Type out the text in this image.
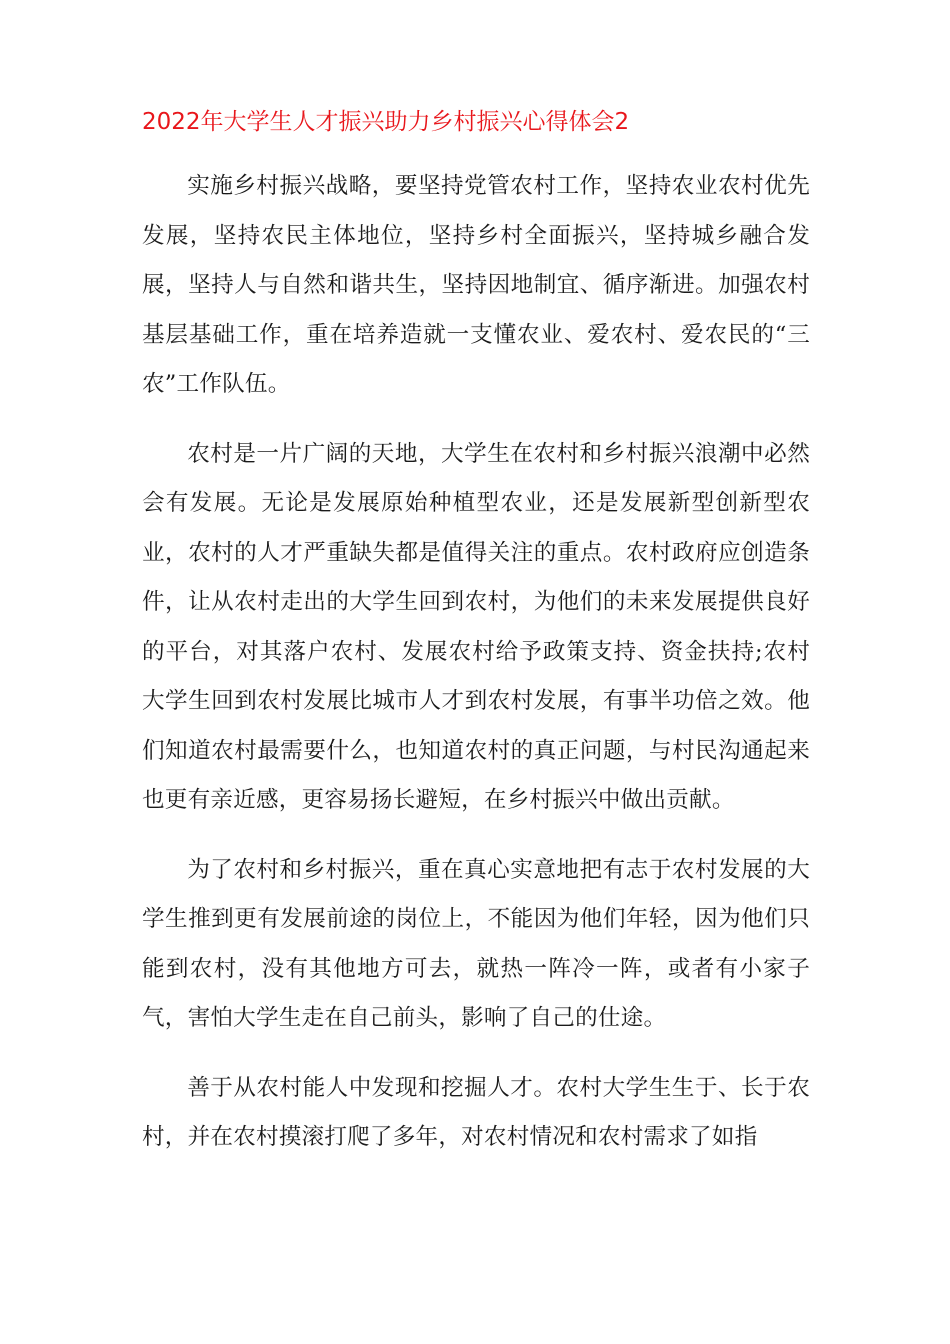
2022年大学生人才振兴助力乡村振兴心得体会2

实施乡村振兴战略，要坚持党管农村工作，坚持农业农村优先发展，坚持农民主体地位，坚持乡村全面振兴，坚持城乡融合发展，坚持人与自然和谐共生，坚持因地制宜、循序渐进。加强农村基层基础工作，重在培养造就一支懂农业、爱农村、爱农民的“三农”工作队伍。

农村是一片广阔的天地，大学生在农村和乡村振兴浪潮中必然会有发展。无论是发展原始种植型农业，还是发展新型创新型农业，农村的人才严重缺失都是值得关注的重点。农村政府应创造条件，让从农村走出的大学生回到农村，为他们的未来发展提供良好的平台，对其落户农村、发展农村给予政策支持、资金扶持;农村大学生回到农村发展比城市人才到农村发展，有事半功倍之效。他们知道农村最需要什么，也知道农村的真正问题，与村民沟通起来也更有亲近感，更容易扬长避短，在乡村振兴中做出贡献。

为了农村和乡村振兴，重在真心实意地把有志于农村发展的大学生推到更有发展前途的岗位上，不能因为他们年轻，因为他们只能到农村，没有其他地方可去，就热一阵冷一阵，或者有小家子气，害怕大学生走在自己前头，影响了自己的仕途。

善于从农村能人中发现和挖掘人才。农村大学生生于、长于农村，并在农村摸滚打爬了多年，对农村情况和农村需求了如指
